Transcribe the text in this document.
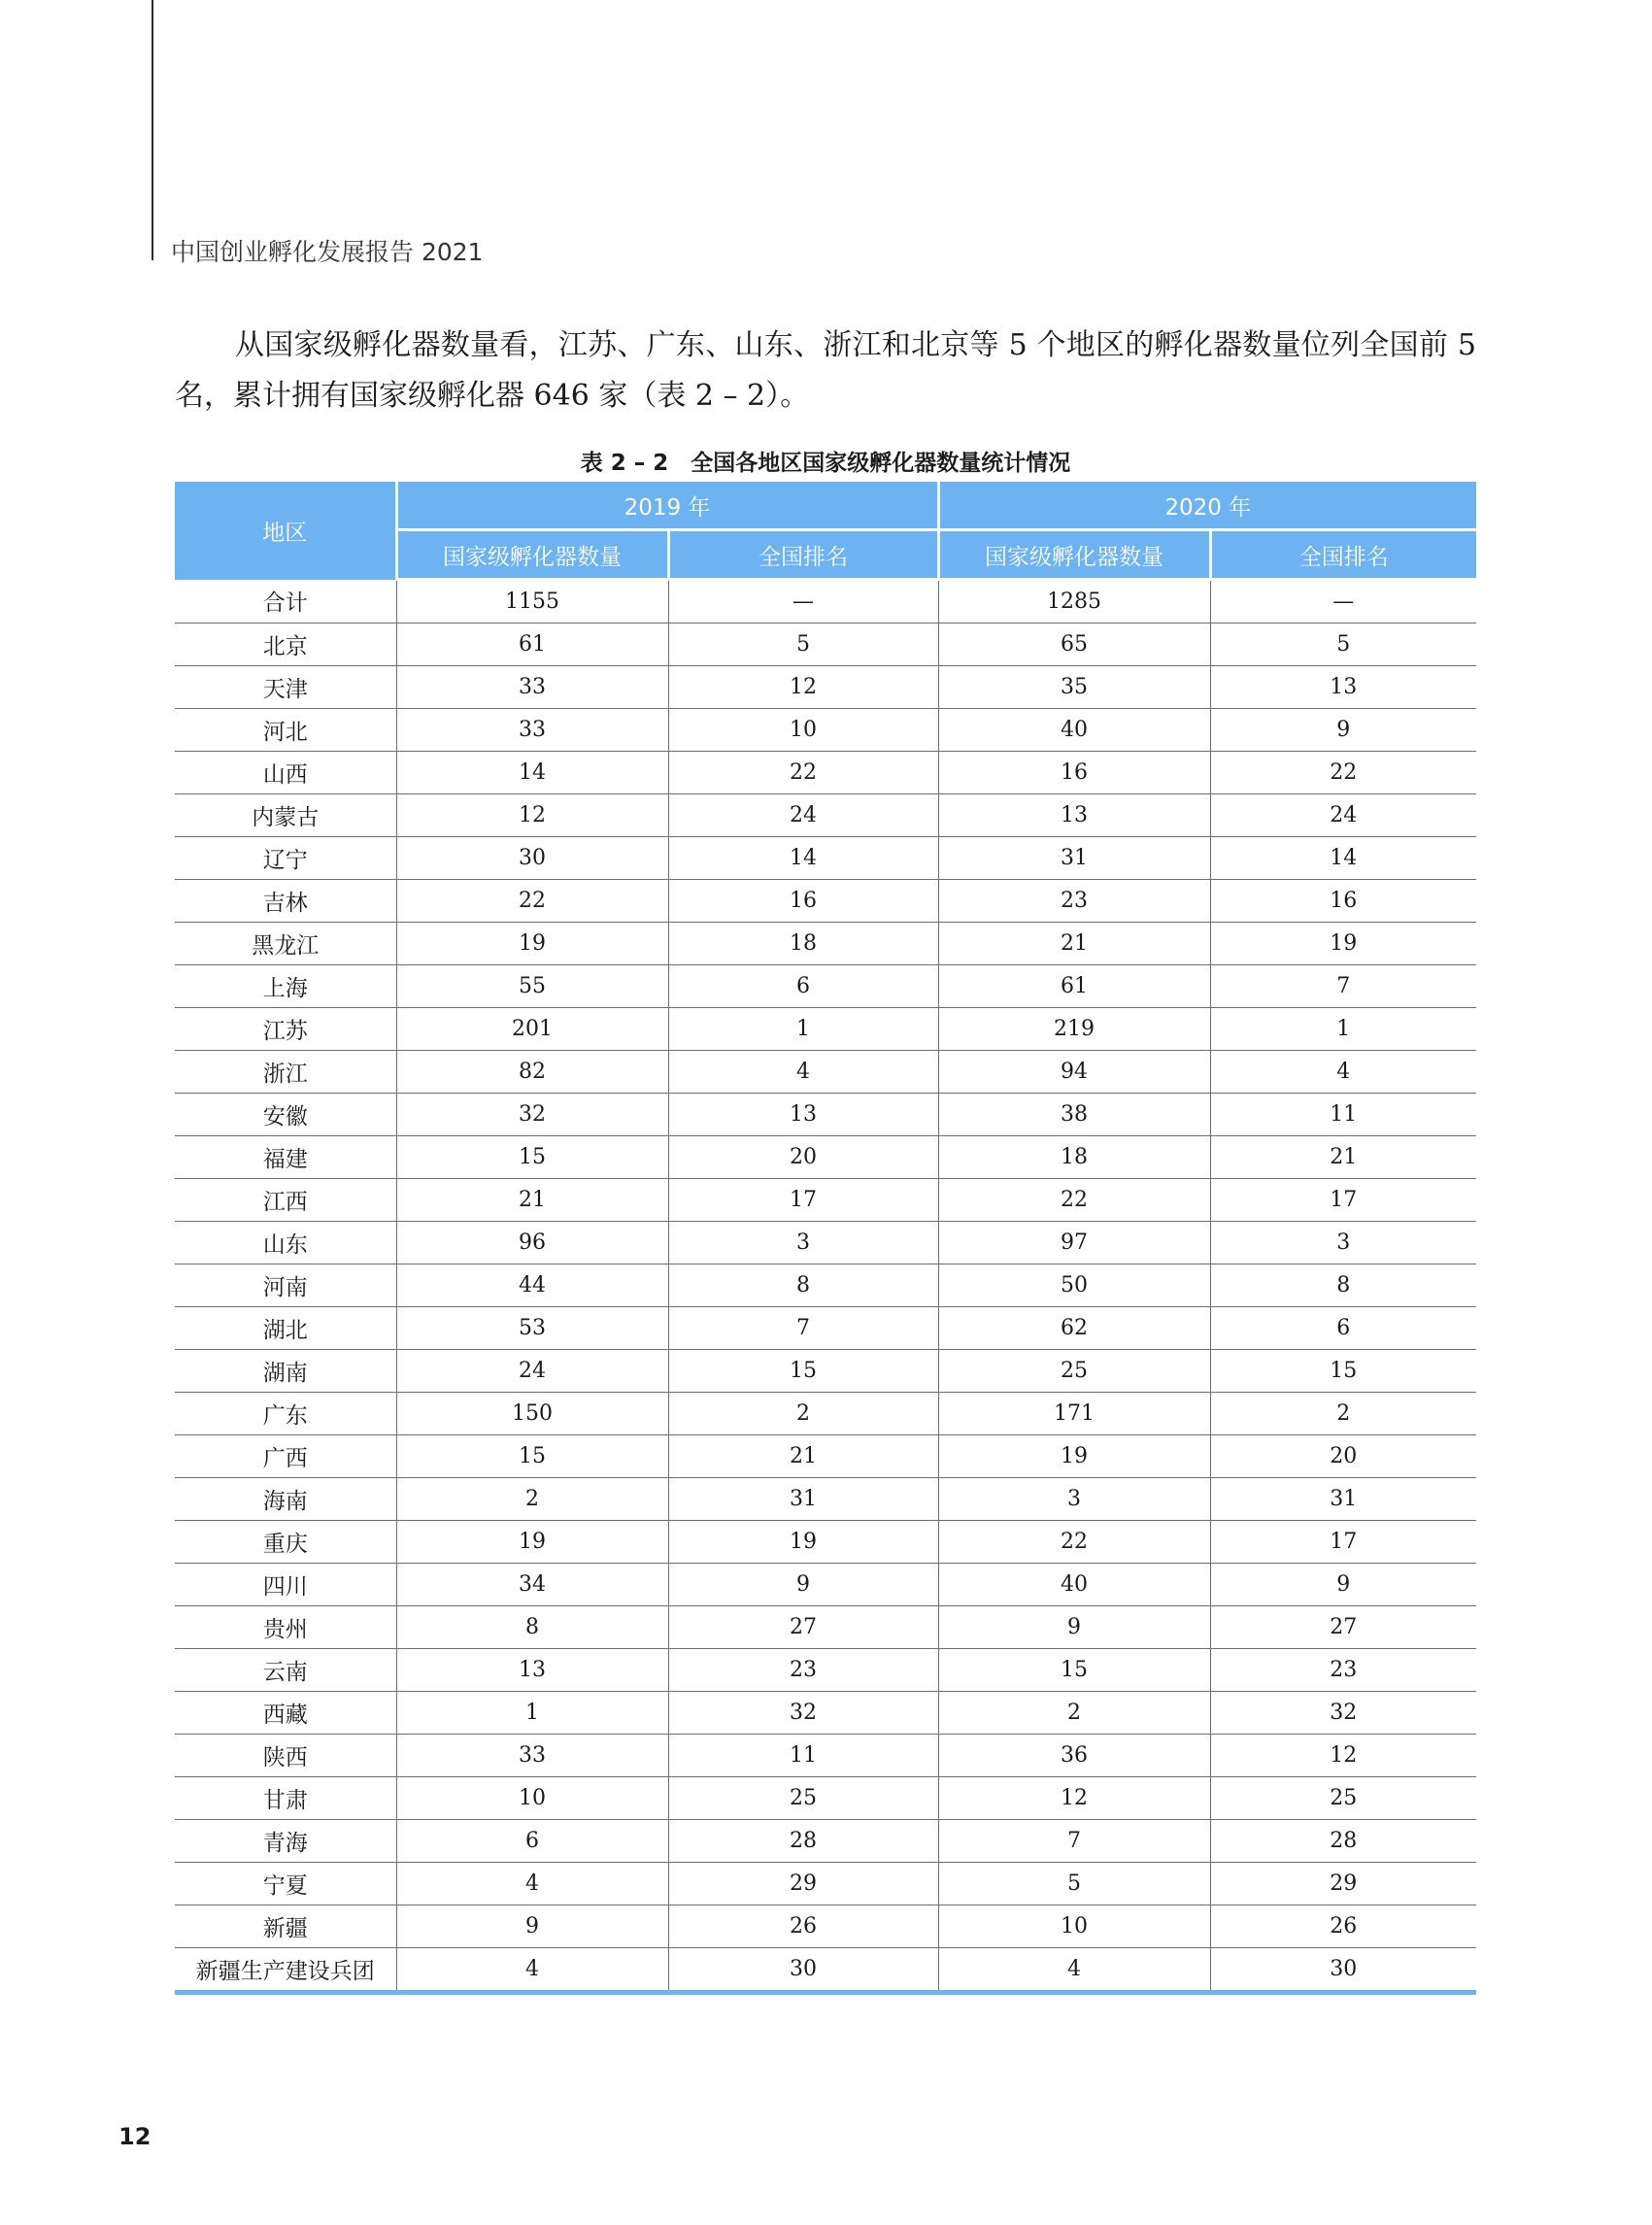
中国创业孵化发展报告 2021

从国家级孵化器数量看，江苏、广东、山东、浙江和北京等 5 个地区的孵化器数量位列全国前 5 名，累计拥有国家级孵化器 646 家（表 2 – 2）。

表 2 – 2　全国各地区国家级孵化器数量统计情况
地区	2019 年		2020 年	
	国家级孵化器数量	全国排名	国家级孵化器数量	全国排名
合计	1155	—	1285	—
北京	61	5	65	5
天津	33	12	35	13
河北	33	10	40	9
山西	14	22	16	22
内蒙古	12	24	13	24
辽宁	30	14	31	14
吉林	22	16	23	16
黑龙江	19	18	21	19
上海	55	6	61	7
江苏	201	1	219	1
浙江	82	4	94	4
安徽	32	13	38	11
福建	15	20	18	21
江西	21	17	22	17
山东	96	3	97	3
河南	44	8	50	8
湖北	53	7	62	6
湖南	24	15	25	15
广东	150	2	171	2
广西	15	21	19	20
海南	2	31	3	31
重庆	19	19	22	17
四川	34	9	40	9
贵州	8	27	9	27
云南	13	23	15	23
西藏	1	32	2	32
陕西	33	11	36	12
甘肃	10	25	12	25
青海	6	28	7	28
宁夏	4	29	5	29
新疆	9	26	10	26
新疆生产建设兵团	4	30	4	30
12
